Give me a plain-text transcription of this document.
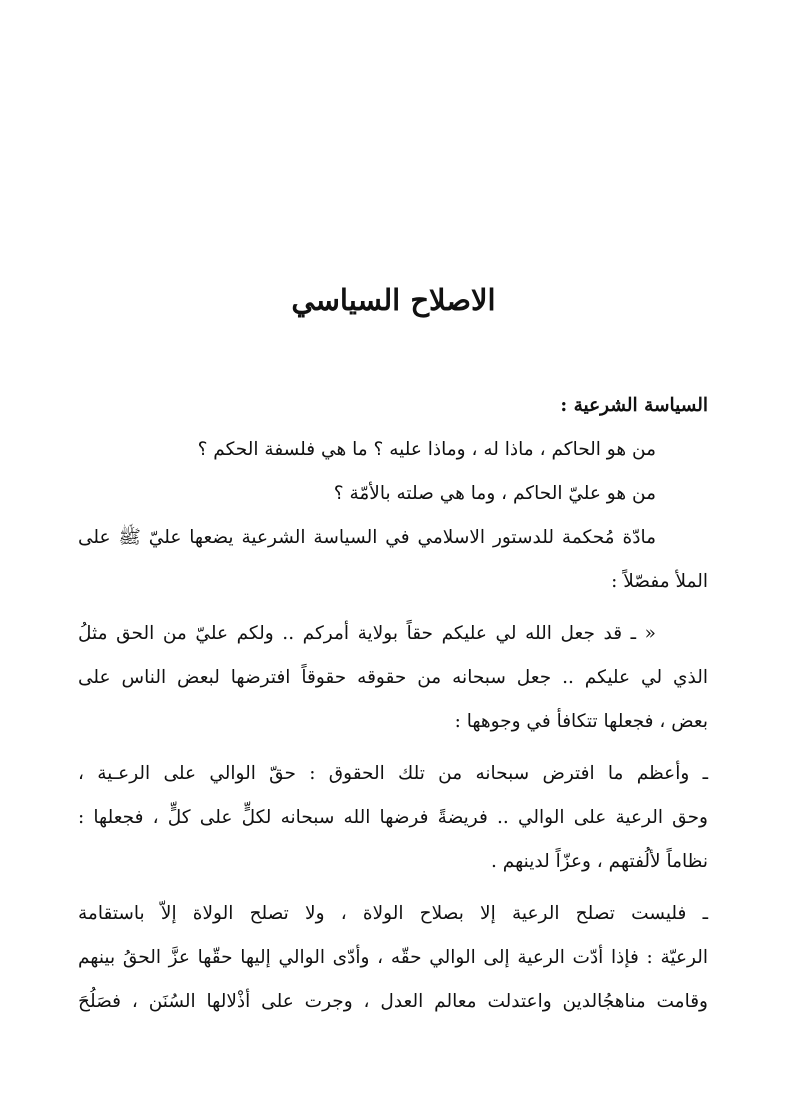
الاصلاح السياسي

السياسة الشرعية :

من هو الحاكم ، ماذا له ، وماذا عليه ؟ ما هي فلسفة الحكم ؟

من هو عليّ الحاكم ، وما هي صلته بالأمّة ؟

مادّة مُحكمة للدستور الاسلامي في السياسة الشرعية يضعها عليّ ﷺ على
الملأ مفصّلاً :

« ـ قد جعل الله لي عليكم حقاً بولاية أمركم .. ولكم عليّ من الحق مثلُ
الذي لي عليكم .. جعل سبحانه من حقوقه حقوقاً افترضها لبعض الناس على
بعض ، فجعلها تتكافأ في وجوهها :

ـ وأعظم ما افترض سبحانه من تلك الحقوق : حقّ الوالي على الرعـية ،
وحق الرعية على الوالي .. فريضةً فرضها الله سبحانه لكلٍّ على كلٍّ ، فجعلها :
نظاماً لألُفتهم ، وعزّاً لدينهم .

ـ فليست تصلح الرعية إلا بصلاح الولاة ، ولا تصلح الولاة إلاّ باستقامة
الرعيّة : فإذا أدّت الرعية إلى الوالي حقّه ، وأدّى الوالي إليها حقّها عزَّ الحقُ بينهم
وقامت مناهجُالدين واعتدلت معالم العدل ، وجرت على أذْلالها السُنَن ، فصَلُحَ
